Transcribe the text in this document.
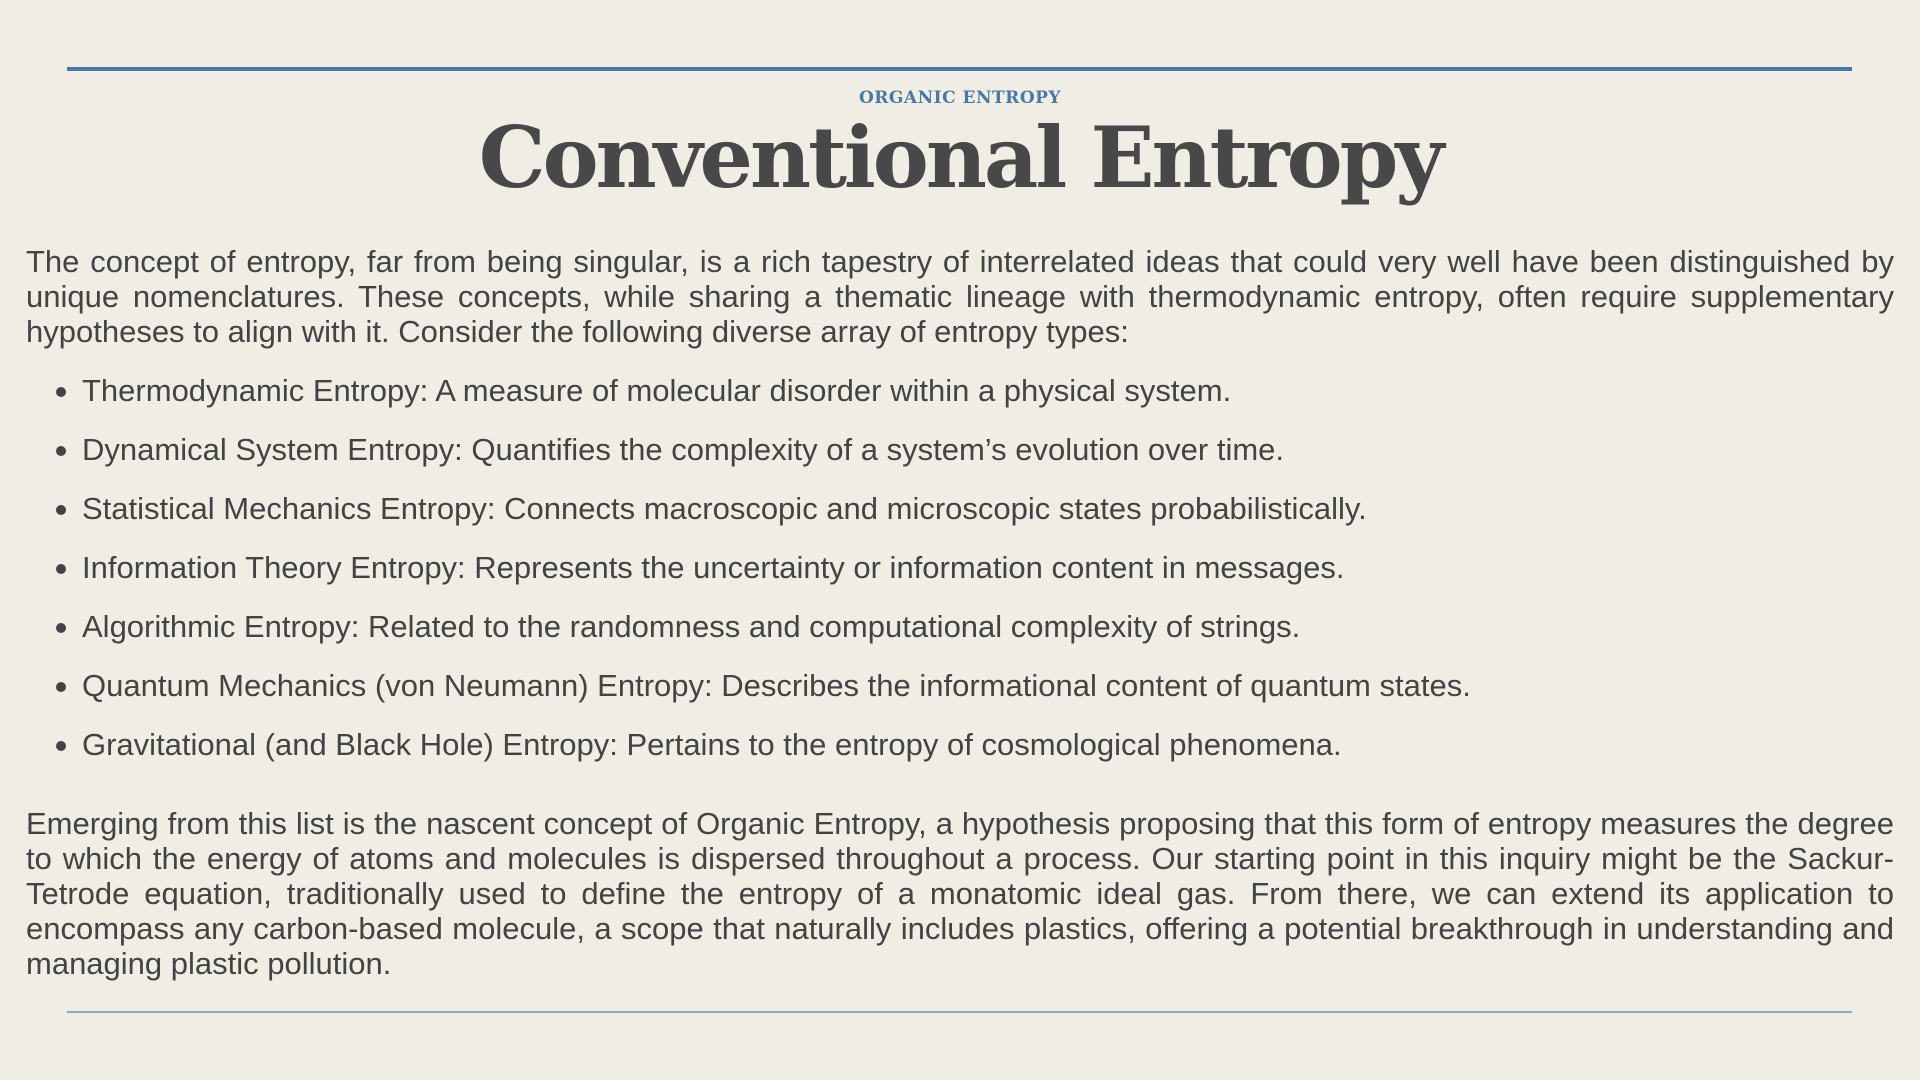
ORGANIC ENTROPY
Conventional Entropy

The concept of entropy, far from being singular, is a rich tapestry of interrelated ideas that could very well have been distinguished by unique nomenclatures. These concepts, while sharing a thematic lineage with thermodynamic entropy, often require supplementary hypotheses to align with it. Consider the following diverse array of entropy types:

Thermodynamic Entropy: A measure of molecular disorder within a physical system.
Dynamical System Entropy: Quantifies the complexity of a system’s evolution over time.
Statistical Mechanics Entropy: Connects macroscopic and microscopic states probabilistically.
Information Theory Entropy: Represents the uncertainty or information content in messages.
Algorithmic Entropy: Related to the randomness and computational complexity of strings.
Quantum Mechanics (von Neumann) Entropy: Describes the informational content of quantum states.
Gravitational (and Black Hole) Entropy: Pertains to the entropy of cosmological phenomena.

Emerging from this list is the nascent concept of Organic Entropy, a hypothesis proposing that this form of entropy measures the degree to which the energy of atoms and molecules is dispersed throughout a process. Our starting point in this inquiry might be the Sackur-Tetrode equation, traditionally used to define the entropy of a monatomic ideal gas. From there, we can extend its application to encompass any carbon-based molecule, a scope that naturally includes plastics, offering a potential breakthrough in understanding and managing plastic pollution.
